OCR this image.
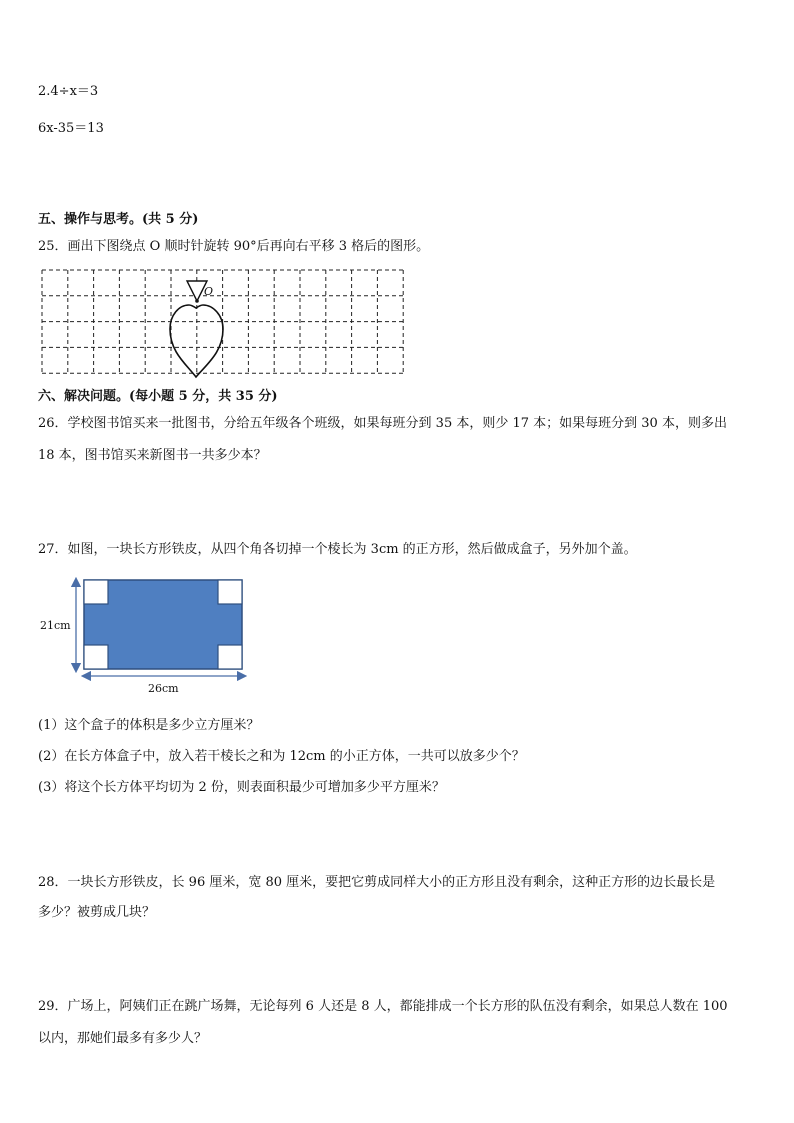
2.4÷x＝3
6x-35＝13
五、操作与思考。(共 5 分)
25．画出下图绕点 O 顺时针旋转 90°后再向右平移 3 格后的图形。
O
六、解决问题。(每小题 5 分，共 35 分)
26．学校图书馆买来一批图书，分给五年级各个班级，如果每班分到 35 本，则少 17 本；如果每班分到 30 本，则多出
18 本，图书馆买来新图书一共多少本？
27．如图，一块长方形铁皮，从四个角各切掉一个棱长为 3cm 的正方形，然后做成盒子，另外加个盖。
21cm
26cm
(1）这个盒子的体积是多少立方厘米？
(2）在长方体盒子中，放入若干棱长之和为 12cm 的小正方体，一共可以放多少个？
(3）将这个长方体平均切为 2 份，则表面积最少可增加多少平方厘米？
28．一块长方形铁皮，长 96 厘米，宽 80 厘米，要把它剪成同样大小的正方形且没有剩余，这种正方形的边长最长是
多少？被剪成几块？
29．广场上，阿姨们正在跳广场舞，无论每列 6 人还是 8 人，都能排成一个长方形的队伍没有剩余，如果总人数在 100
以内，那她们最多有多少人？
